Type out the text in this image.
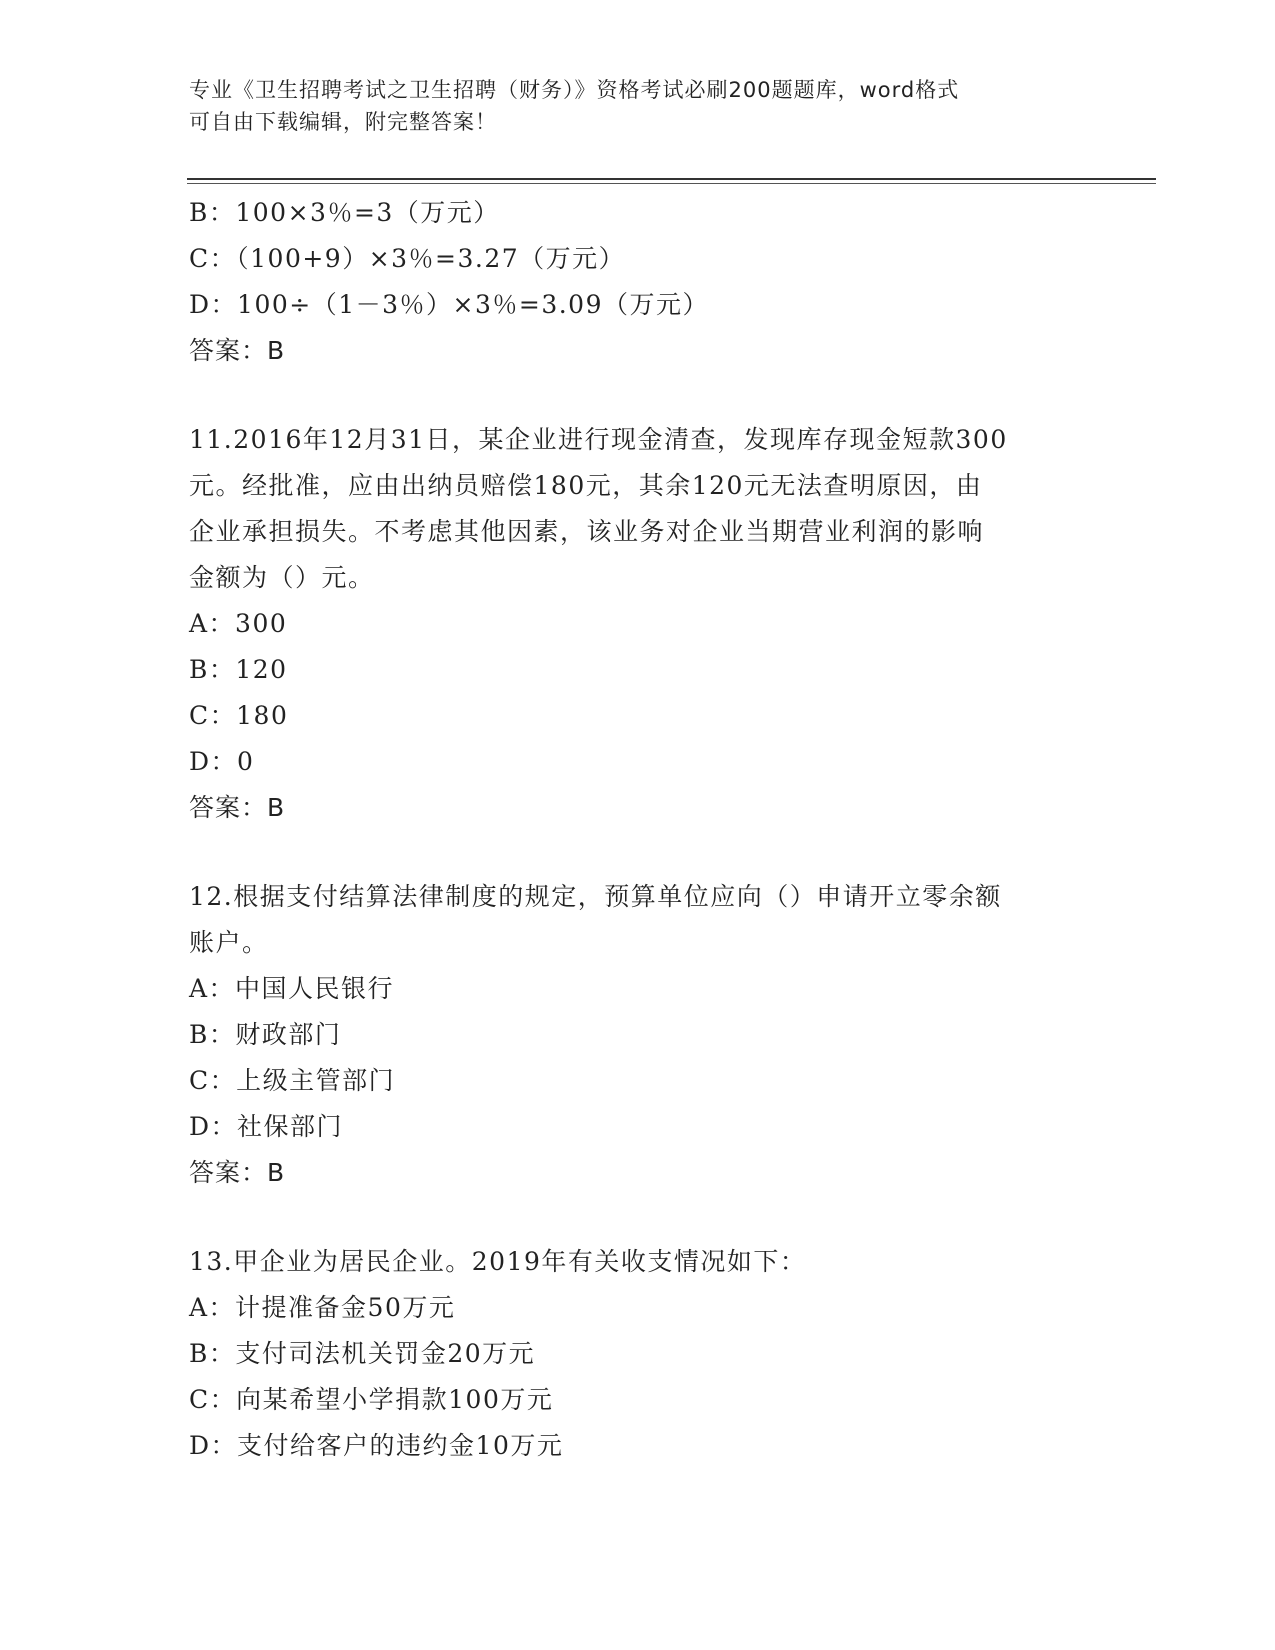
专业《卫生招聘考试之卫生招聘（财务）》资格考试必刷200题题库，word格式
可自由下载编辑，附完整答案！
B：100×3％=3（万元）
C：（100+9）×3％=3.27（万元）
D：100÷（1－3％）×3％=3.09（万元）
答案：B
11.2016年12月31日，某企业进行现金清查，发现库存现金短款300
元。经批准，应由出纳员赔偿180元，其余120元无法查明原因，由
企业承担损失。不考虑其他因素，该业务对企业当期营业利润的影响
金额为（）元。
A：300
B：120
C：180
D：0
答案：B
12.根据支付结算法律制度的规定，预算单位应向（）申请开立零余额
账户。
A：中国人民银行
B：财政部门
C：上级主管部门
D：社保部门
答案：B
13.甲企业为居民企业。2019年有关收支情况如下：
A：计提准备金50万元
B：支付司法机关罚金20万元
C：向某希望小学捐款100万元
D：支付给客户的违约金10万元
